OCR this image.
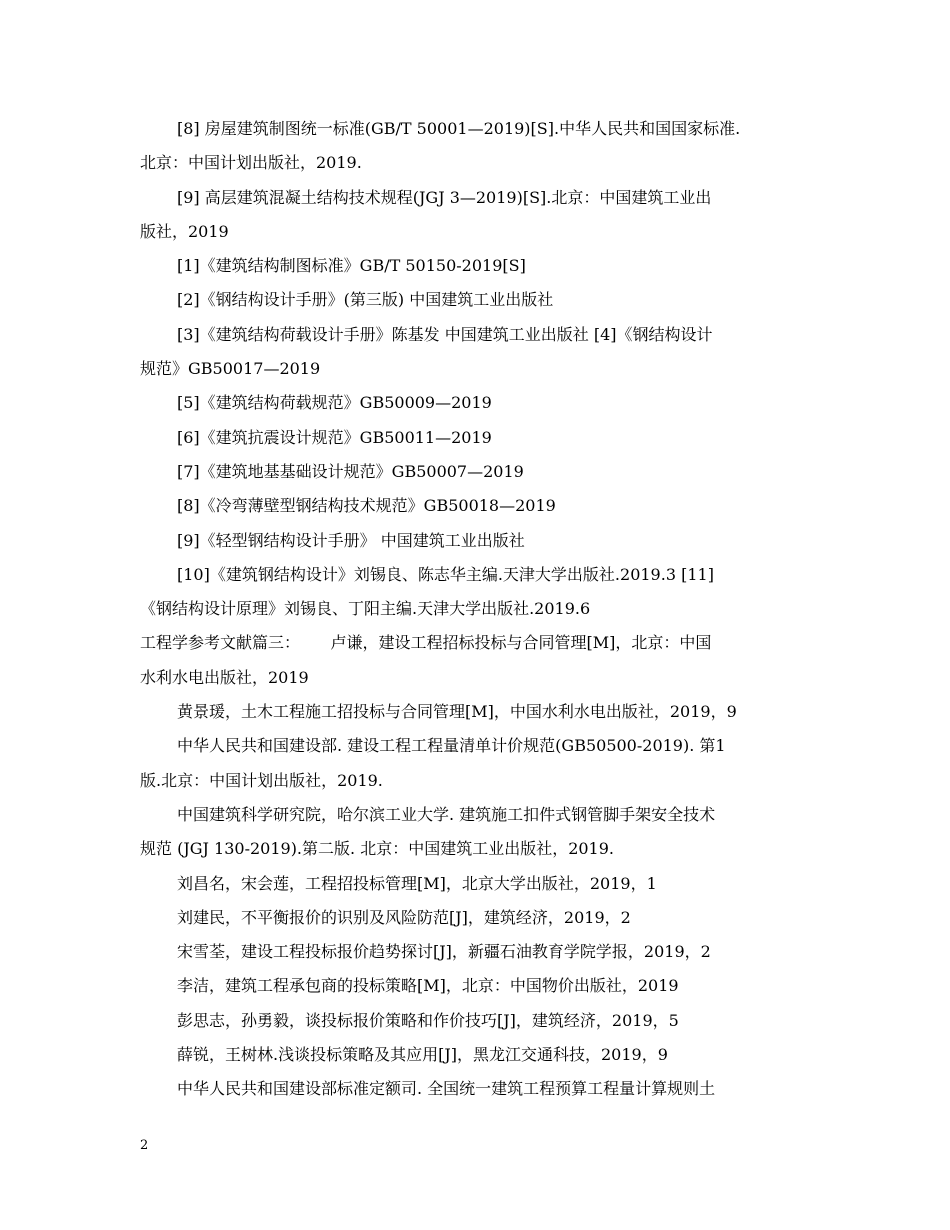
[8] 房屋建筑制图统一标准(GB/T 50001—2019)[S].中华人民共和国国家标准.
北京：中国计划出版社，2019.
[9] 高层建筑混凝土结构技术规程(JGJ 3—2019)[S].北京：中国建筑工业出
版社，2019
[1]《建筑结构制图标准》GB/T 50150-2019[S]
[2]《钢结构设计手册》(第三版) 中国建筑工业出版社
[3]《建筑结构荷载设计手册》陈基发 中国建筑工业出版社 [4]《钢结构设计
规范》GB50017—2019
[5]《建筑结构荷载规范》GB50009—2019
[6]《建筑抗震设计规范》GB50011—2019
[7]《建筑地基基础设计规范》GB50007—2019
[8]《冷弯薄壁型钢结构技术规范》GB50018—2019
[9]《轻型钢结构设计手册》 中国建筑工业出版社
[10]《建筑钢结构设计》刘锡良、陈志华主编.天津大学出版社.2019.3 [11]
《钢结构设计原理》刘锡良、丁阳主编.天津大学出版社.2019.6
工程学参考文献篇三：      卢谦，建设工程招标投标与合同管理[M]，北京：中国
水利水电出版社，2019
黄景瑗，土木工程施工招投标与合同管理[M]，中国水利水电出版社，2019，9
中华人民共和国建设部. 建设工程工程量清单计价规范(GB50500-2019). 第1
版.北京：中国计划出版社，2019.
中国建筑科学研究院，哈尔滨工业大学. 建筑施工扣件式钢管脚手架安全技术
规范 (JGJ 130-2019).第二版. 北京：中国建筑工业出版社，2019.
刘昌名，宋会莲，工程招投标管理[M]，北京大学出版社，2019，1
刘建民，不平衡报价的识别及风险防范[J]，建筑经济，2019，2
宋雪荃，建设工程投标报价趋势探讨[J]，新疆石油教育学院学报，2019，2
李洁，建筑工程承包商的投标策略[M]，北京：中国物价出版社，2019
彭思志，孙勇毅，谈投标报价策略和作价技巧[J]，建筑经济，2019，5
薛锐，王树林.浅谈投标策略及其应用[J]，黑龙江交通科技，2019，9
中华人民共和国建设部标准定额司. 全国统一建筑工程预算工程量计算规则土
2
